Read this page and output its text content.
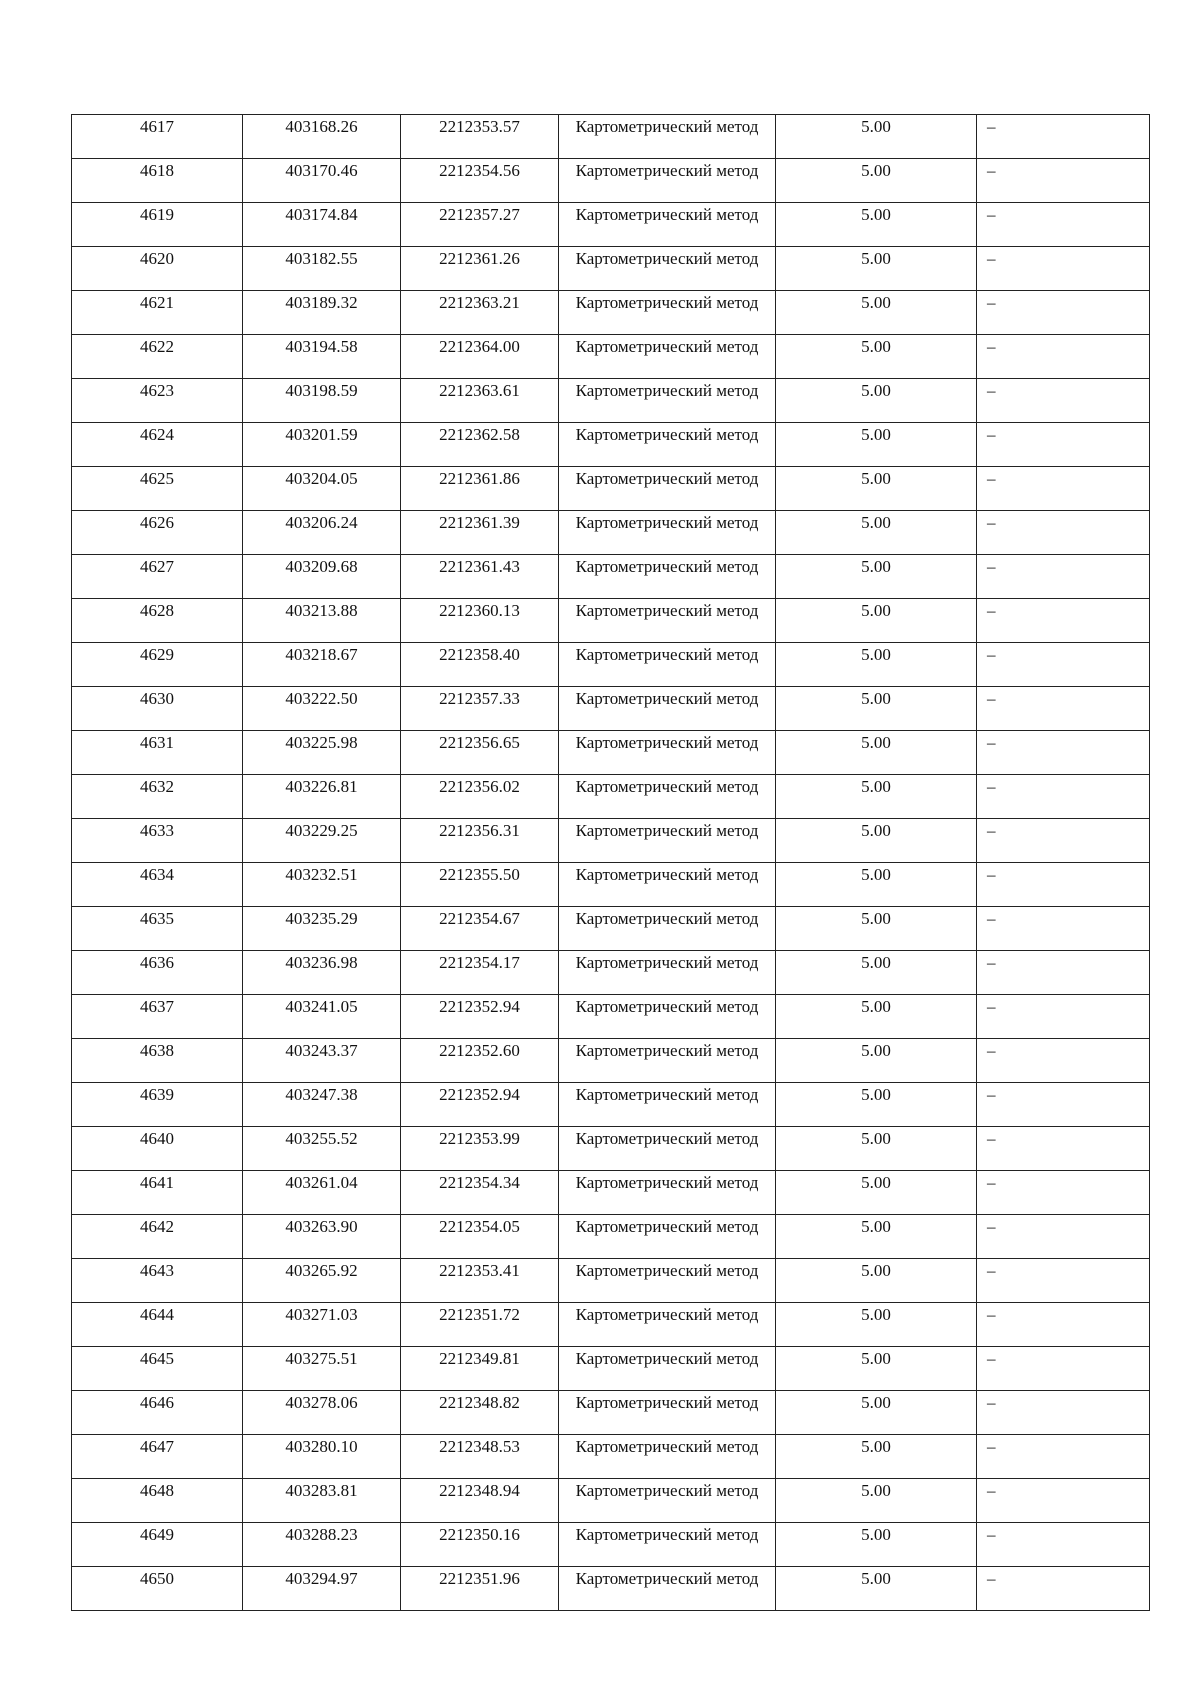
4617	403168.26	2212353.57	Картометрический метод	5.00	–
4618	403170.46	2212354.56	Картометрический метод	5.00	–
4619	403174.84	2212357.27	Картометрический метод	5.00	–
4620	403182.55	2212361.26	Картометрический метод	5.00	–
4621	403189.32	2212363.21	Картометрический метод	5.00	–
4622	403194.58	2212364.00	Картометрический метод	5.00	–
4623	403198.59	2212363.61	Картометрический метод	5.00	–
4624	403201.59	2212362.58	Картометрический метод	5.00	–
4625	403204.05	2212361.86	Картометрический метод	5.00	–
4626	403206.24	2212361.39	Картометрический метод	5.00	–
4627	403209.68	2212361.43	Картометрический метод	5.00	–
4628	403213.88	2212360.13	Картометрический метод	5.00	–
4629	403218.67	2212358.40	Картометрический метод	5.00	–
4630	403222.50	2212357.33	Картометрический метод	5.00	–
4631	403225.98	2212356.65	Картометрический метод	5.00	–
4632	403226.81	2212356.02	Картометрический метод	5.00	–
4633	403229.25	2212356.31	Картометрический метод	5.00	–
4634	403232.51	2212355.50	Картометрический метод	5.00	–
4635	403235.29	2212354.67	Картометрический метод	5.00	–
4636	403236.98	2212354.17	Картометрический метод	5.00	–
4637	403241.05	2212352.94	Картометрический метод	5.00	–
4638	403243.37	2212352.60	Картометрический метод	5.00	–
4639	403247.38	2212352.94	Картометрический метод	5.00	–
4640	403255.52	2212353.99	Картометрический метод	5.00	–
4641	403261.04	2212354.34	Картометрический метод	5.00	–
4642	403263.90	2212354.05	Картометрический метод	5.00	–
4643	403265.92	2212353.41	Картометрический метод	5.00	–
4644	403271.03	2212351.72	Картометрический метод	5.00	–
4645	403275.51	2212349.81	Картометрический метод	5.00	–
4646	403278.06	2212348.82	Картометрический метод	5.00	–
4647	403280.10	2212348.53	Картометрический метод	5.00	–
4648	403283.81	2212348.94	Картометрический метод	5.00	–
4649	403288.23	2212350.16	Картометрический метод	5.00	–
4650	403294.97	2212351.96	Картометрический метод	5.00	–
